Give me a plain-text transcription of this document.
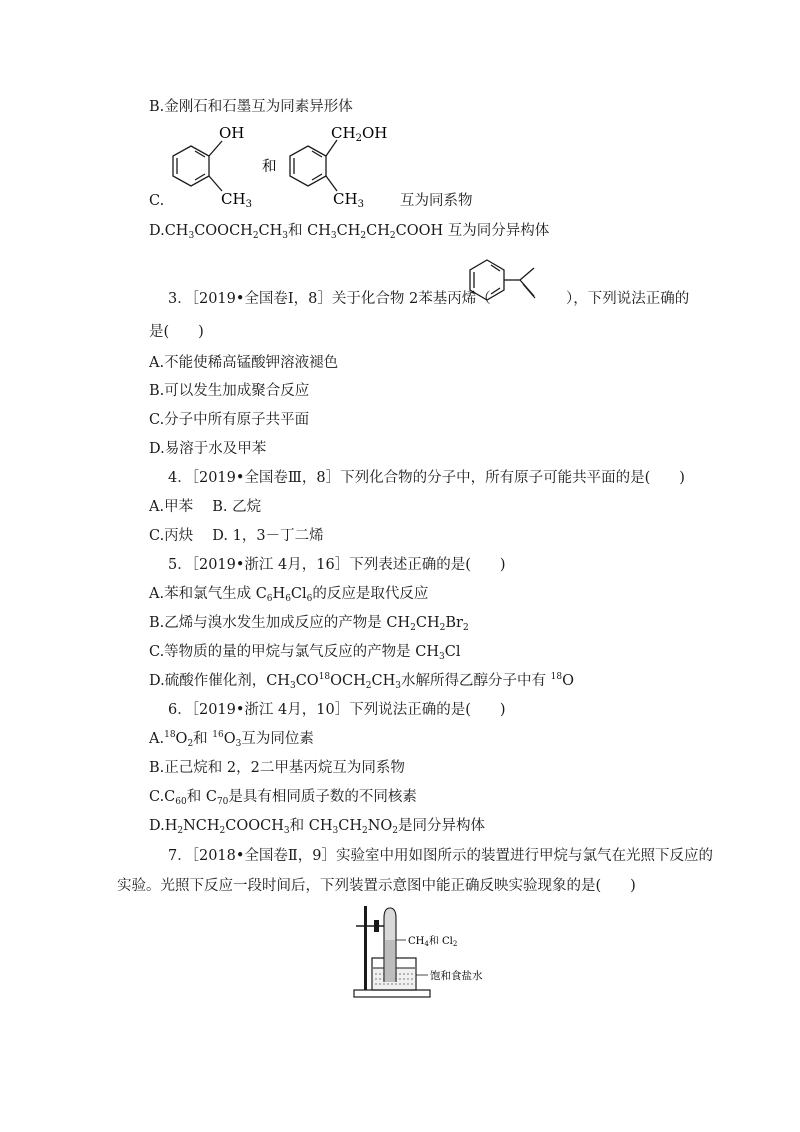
B.金刚石和石墨互为同素异形体
OH
$CH_3$
和
$CH_2OH$
$CH_3$
C.	互为同系物
$D.CH_3COOCH_2CH_3$和 $CH_3CH_2CH_2COOH$ 互为同分异构体
3．［2019•全国卷Ⅰ，8］关于化合物 2苯基丙烯（	），下列说法正确的
是(　　)
A.不能使稀高锰酸钾溶液褪色
B.可以发生加成聚合反应
C.分子中所有原子共平面
D.易溶于水及甲苯
4．［2019•全国卷Ⅲ，8］下列化合物的分子中，所有原子可能共平面的是(　　)
A.甲苯　 B. 乙烷
C.丙炔　 D. 1，3－丁二烯
5．［2019•浙江 4月，16］下列表述正确的是(　　)
A.苯和氯气生成 $C_6H_6Cl_6$的反应是取代反应
B.乙烯与溴水发生加成反应的产物是 $CH_2CH_2Br_2$
C.等物质的量的甲烷与氯气反应的产物是 $CH_3Cl$
D.硫酸作催化剂，$CH_3CO^{18}OCH_2CH_3$水解所得乙醇分子中有 $^{18}$O
6．［2019•浙江 4月，10］下列说法正确的是(　　)
$A.^{18}O_2$和 $^{16}O_3$互为同位素
B.正己烷和 2，2二甲基丙烷互为同系物
$C.C_{60}$和 $C_{70}$是具有相同质子数的不同核素
$D.H_2NCH_2COOCH_3$和 $CH_3CH_2NO_2$是同分异构体
7．［2018•全国卷Ⅱ，9］实验室中用如图所示的装置进行甲烷与氯气在光照下反应的
实验。光照下反应一段时间后，下列装置示意图中能正确反映实验现象的是(　　)
$CH_4$和 $Cl_2$
饱和食盐水
